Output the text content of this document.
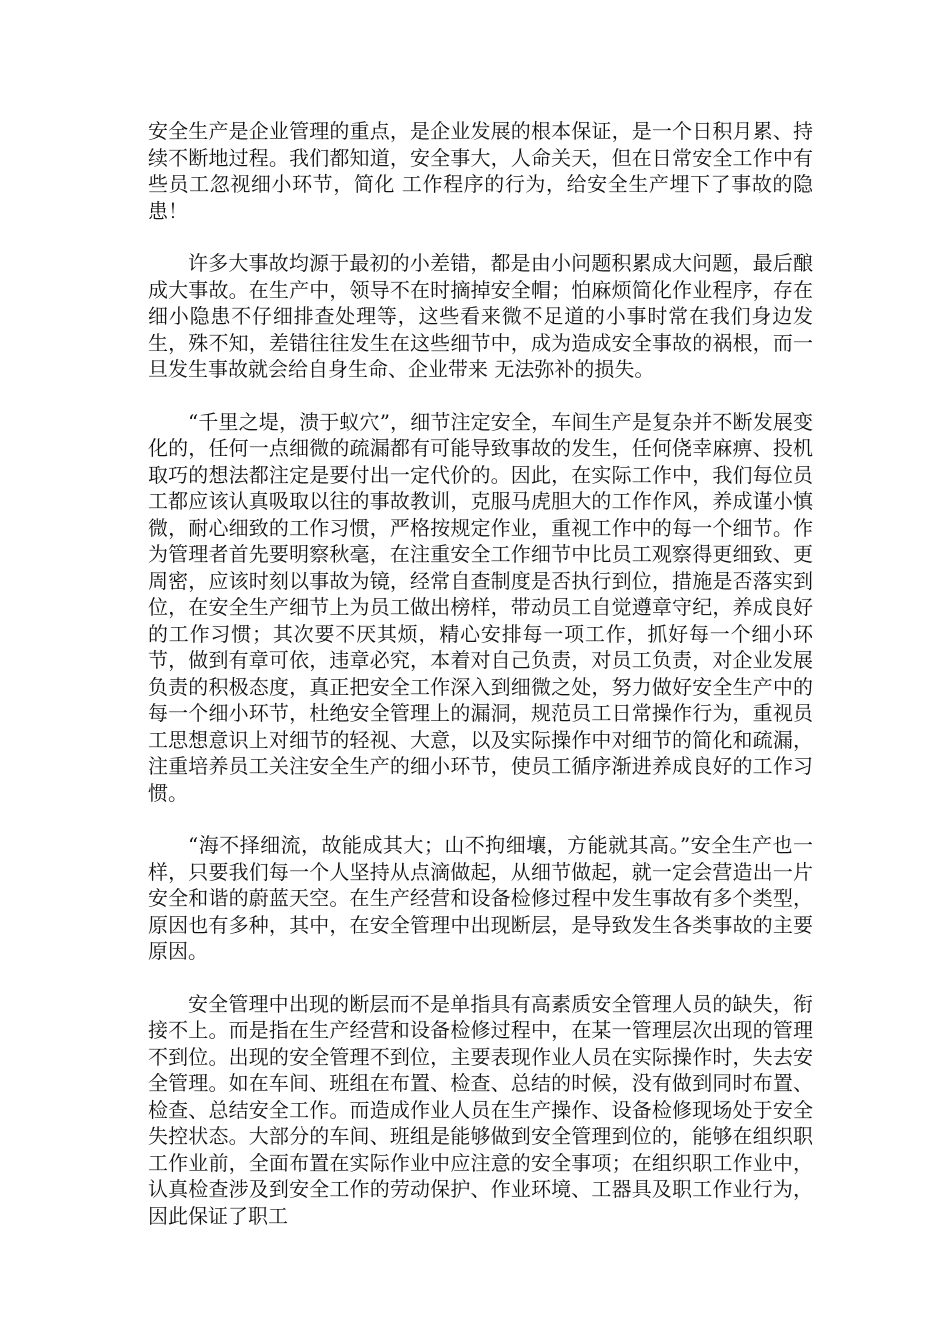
安全生产是企业管理的重点，是企业发展的根本保证，是一个日积月累、持续不断地过程。我们都知道，安全事大，人命关天，但在日常安全工作中有些员工忽视细小环节，简化 工作程序的行为，给安全生产埋下了事故的隐患！

许多大事故均源于最初的小差错，都是由小问题积累成大问题，最后酿成大事故。在生产中，领导不在时摘掉安全帽；怕麻烦简化作业程序，存在细小隐患不仔细排查处理等，这些看来微不足道的小事时常在我们身边发生，殊不知，差错往往发生在这些细节中，成为造成安全事故的祸根，而一旦发生事故就会给自身生命、企业带来 无法弥补的损失。

“千里之堤，溃于蚁穴”，细节注定安全，车间生产是复杂并不断发展变化的，任何一点细微的疏漏都有可能导致事故的发生，任何侥幸麻痹、投机取巧的想法都注定是要付出一定代价的。因此，在实际工作中，我们每位员工都应该认真吸取以往的事故教训，克服马虎胆大的工作作风，养成谨小慎微，耐心细致的工作习惯，严格按规定作业，重视工作中的每一个细节。作为管理者首先要明察秋毫，在注重安全工作细节中比员工观察得更细致、更周密，应该时刻以事故为镜，经常自查制度是否执行到位，措施是否落实到位，在安全生产细节上为员工做出榜样，带动员工自觉遵章守纪，养成良好的工作习惯；其次要不厌其烦，精心安排每一项工作，抓好每一个细小环节，做到有章可依，违章必究，本着对自己负责，对员工负责，对企业发展负责的积极态度，真正把安全工作深入到细微之处，努力做好安全生产中的每一个细小环节，杜绝安全管理上的漏洞，规范员工日常操作行为，重视员工思想意识上对细节的轻视、大意，以及实际操作中对细节的简化和疏漏，注重培养员工关注安全生产的细小环节，使员工循序渐进养成良好的工作习惯。

“海不择细流，故能成其大；山不拘细壤，方能就其高。”安全生产也一样，只要我们每一个人坚持从点滴做起，从细节做起，就一定会营造出一片安全和谐的蔚蓝天空。在生产经营和设备检修过程中发生事故有多个类型，原因也有多种，其中，在安全管理中出现断层，是导致发生各类事故的主要原因。

安全管理中出现的断层而不是单指具有高素质安全管理人员的缺失，衔接不上。而是指在生产经营和设备检修过程中，在某一管理层次出现的管理不到位。出现的安全管理不到位，主要表现作业人员在实际操作时，失去安全管理。如在车间、班组在布置、检查、总结的时候，没有做到同时布置、检查、总结安全工作。而造成作业人员在生产操作、设备检修现场处于安全失控状态。大部分的车间、班组是能够做到安全管理到位的，能够在组织职工作业前，全面布置在实际作业中应注意的安全事项；在组织职工作业中，认真检查涉及到安全工作的劳动保护、作业环境、工器具及职工作业行为，因此保证了职工
